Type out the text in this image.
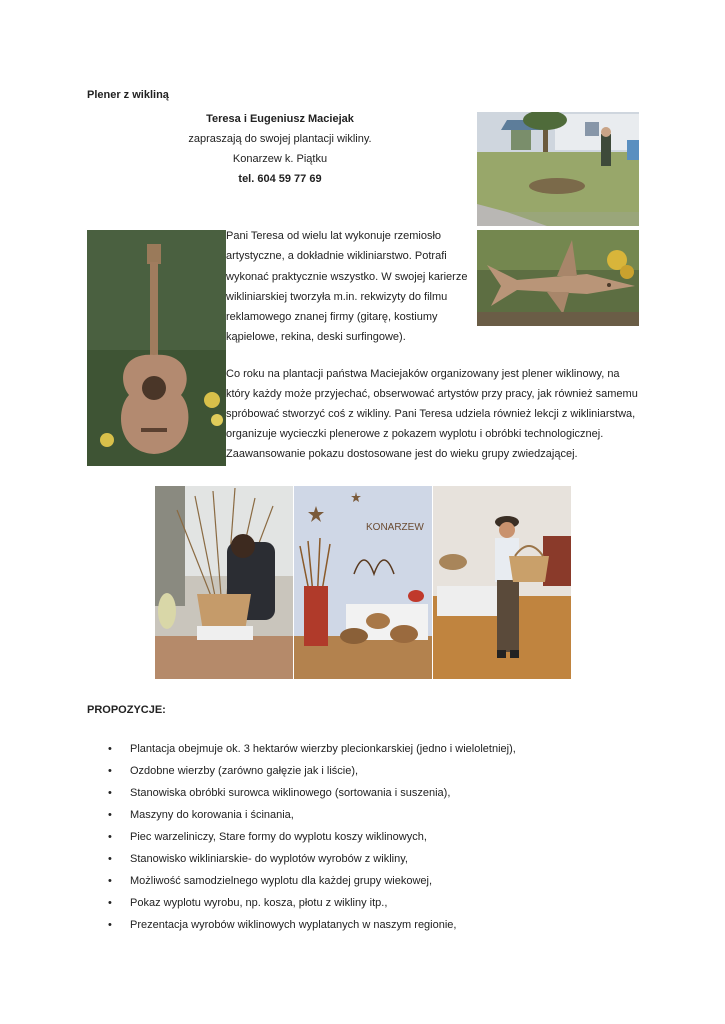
Plener z wikliną
Teresa i Eugeniusz Maciejak
zapraszają do swojej plantacji wikliny.
Konarzew k. Piątku
tel. 604 59 77 69
Pani Teresa od wielu lat wykonuje rzemiosło
artystyczne, a dokładnie wikliniarstwo. Potrafi
wykonać praktycznie wszystko. W swojej karierze
wikliniarskiej tworzyła m.in. rekwizyty do filmu
reklamowego znanej firmy (gitarę, kostiumy
kąpielowe, rekina, deski surfingowe).
Co roku na plantacji państwa Maciejaków organizowany jest plener wiklinowy, na
który każdy może przyjechać, obserwować artystów przy pracy, jak również samemu
spróbować stworzyć coś z wikliny. Pani Teresa udziela również lekcji z wikliniarstwa,
organizuje wycieczki plenerowe z pokazem wyplotu i obróbki technologicznej.
Zaawansowanie pokazu dostosowane jest do wieku grupy zwiedzającej.
KONARZEW
PROPOZYCJE:
• Plantacja obejmuje ok. 3 hektarów wierzby plecionkarskiej (jedno i wieloletniej),
• Ozdobne wierzby (zarówno gałęzie jak i liście),
• Stanowiska obróbki surowca wiklinowego (sortowania i suszenia),
• Maszyny do korowania i ścinania,
• Piec warzeliniczy, Stare formy do wyplotu koszy wiklinowych,
• Stanowisko wikliniarskie- do wyplotów wyrobów z wikliny,
• Możliwość samodzielnego wyplotu dla każdej grupy wiekowej,
• Pokaz wyplotu wyrobu, np. kosza, płotu z wikliny itp.,
• Prezentacja wyrobów wiklinowych wyplatanych w naszym regionie,
